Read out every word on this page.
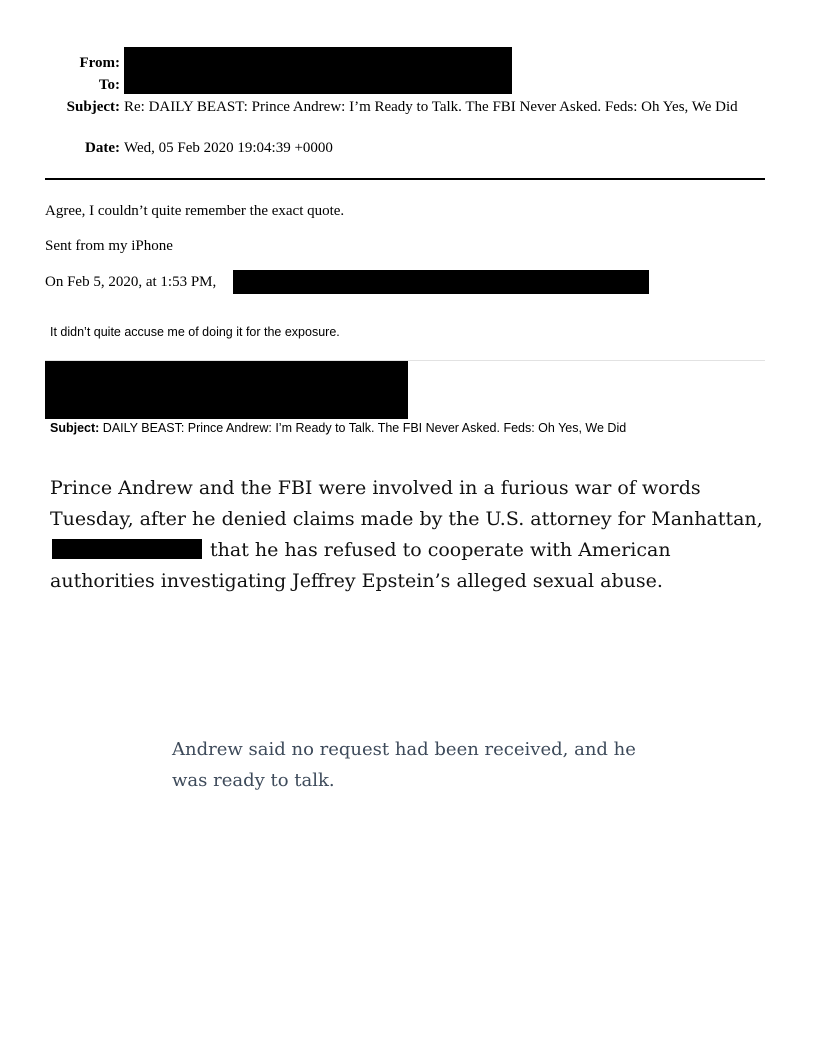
From:
To:
Subject: Re: DAILY BEAST: Prince Andrew: I’m Ready to Talk. The FBI Never Asked. Feds: Oh Yes, We Did
Date: Wed, 05 Feb 2020 19:04:39 +0000
Agree, I couldn’t quite remember the exact quote.
Sent from my iPhone
On Feb 5, 2020, at 1:53 PM,
It didn’t quite accuse me of doing it for the exposure.
Subject: DAILY BEAST: Prince Andrew: I’m Ready to Talk. The FBI Never Asked. Feds: Oh Yes, We Did

Prince Andrew and the FBI were involved in a furious war of words Tuesday, after he denied claims made by the U.S. attorney for Manhattan,  that he has refused to cooperate with American authorities investigating Jeffrey Epstein’s alleged sexual abuse.

Andrew said no request had been received, and he was ready to talk.
